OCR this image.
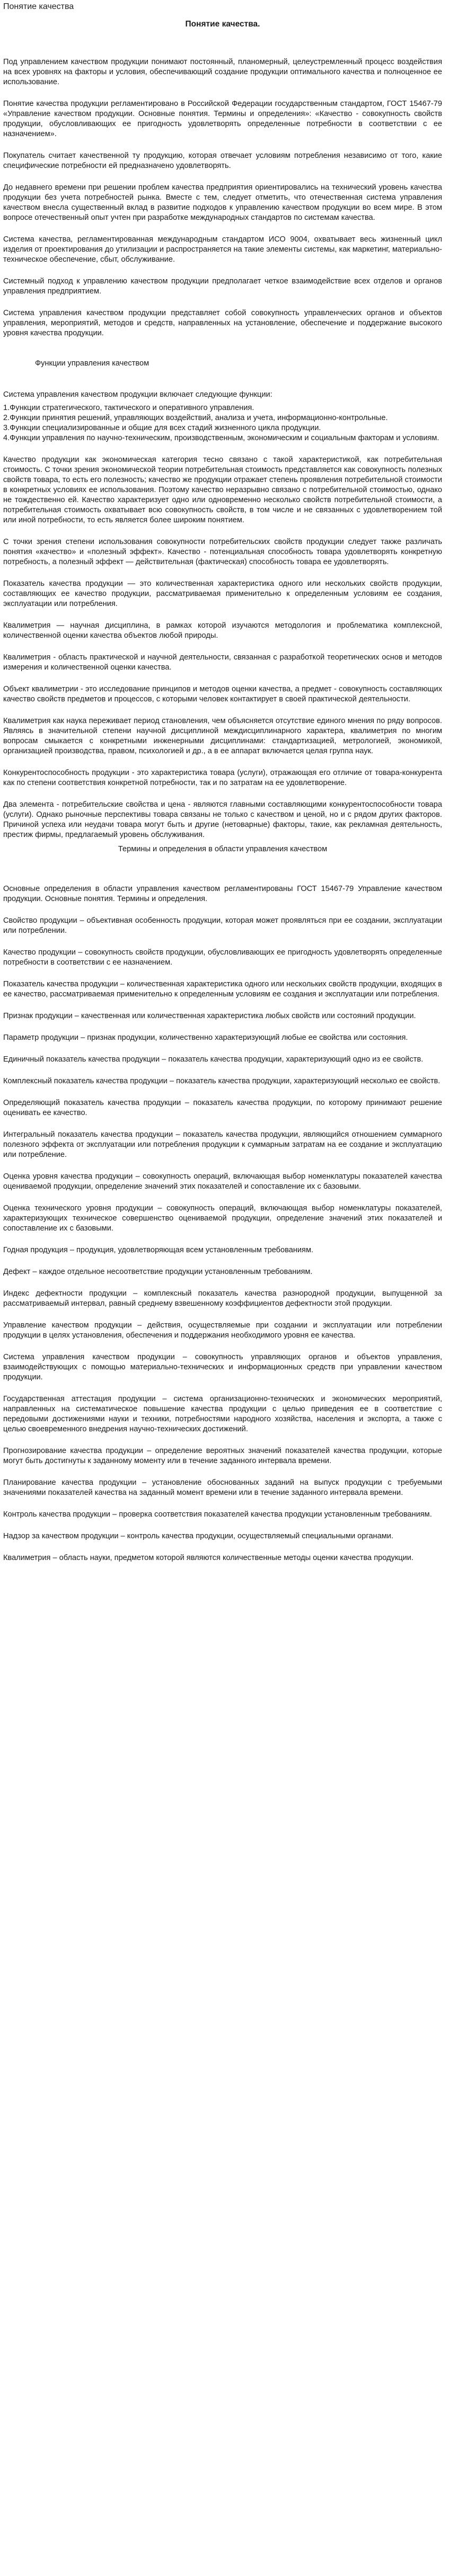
Понятие качества
Понятие качества.

Под управлением качеством продукции понимают постоянный, планомерный, целеустремленный процесс воздействия на всех уровнях на факторы и условия, обеспечивающий создание продукции оптимального качества и полноценное ее использование.

Понятие качества продукции регламентировано в Российской Федерации государственным стандартом, ГОСТ 15467-79 «Управление качеством продукции. Основные понятия. Термины и определения»: «Качество - совокупность свойств продукции, обусловливающих ее пригодность удовлетворять определенные потребности в соответствии с ее назначением».

Покупатель считает качественной ту продукцию, которая отвечает условиям потребления независимо от того, какие специфические потребности ей предназначено удовлетворять.

До недавнего времени при решении проблем качества предприятия ориентировались на технический уровень качества продукции без учета потребностей рынка. Вместе с тем, следует отметить, что отечественная система управления качеством внесла существенный вклад в развитие подходов к управлению качеством продукции во всем мире. В этом вопросе отечественный опыт учтен при разработке международных стандартов по системам качества.

Система качества, регламентированная международным стандартом ИСО 9004, охватывает весь жизненный цикл изделия от проектирования до утилизации и распространяется на такие элементы системы, как маркетинг, материально-техническое обеспечение, сбыт, обслуживание.

Системный подход к управлению качеством продукции предполагает четкое взаимодействие всех отделов и органов управления предприятием.

Система управления качеством продукции представляет собой совокупность управленческих органов и объектов управления, мероприятий, методов и средств, направленных на установление, обеспечение и поддержание высокого уровня качества продукции.

Функции управления качеством

Система управления качеством продукции включает следующие функции:

1.Функции стратегического, тактического и оперативного управления.
2.Функции принятия решений, управляющих воздействий, анализа и учета, информационно-контрольные.
3.Функции специализированные и общие для всех стадий жизненного цикла продукции.
4.Функции управления по научно-техническим, производственным, экономическим и социальным факторам и условиям.

Качество продукции как экономическая категория тесно связано с такой характеристикой, как потребительная стоимость. С точки зрения экономической теории потребительная стоимость представляется как совокупность полезных свойств товара, то есть его полезность; качество же продукции отражает степень проявления потребительной стоимости в конкретных условиях ее использования. Поэтому качество неразрывно связано с потребительной стоимостью, однако не тождественно ей. Качество характеризует одно или одновременно несколько свойств потребительной стоимости, а потребительная стоимость охватывает всю совокупность свойств, в том числе и не связанных с удовлетворением той или иной потребности, то есть является более широким понятием.

С точки зрения степени использования совокупности потребительских свойств продукции следует также различать понятия «качество» и «полезный эффект». Качество - потенциальная способность товара удовлетворять конкретную потребность, а полезный эффект — действительная (фактическая) способность товара ее удовлетворять.

Показатель качества продукции — это количественная характеристика одного или нескольких свойств продукции, составляющих ее качество продукции, рассматриваемая применительно к определенным условиям ее создания, эксплуатации или потребления.

Квалиметрия — научная дисциплина, в рамках которой изучаются методология и проблематика комплексной, количественной оценки качества объектов любой природы.

Квалиметрия - область практической и научной деятельности, связанная с разработкой теоретических основ и методов измерения и количественной оценки качества.

Объект квалиметрии - это исследование принципов и методов оценки качества, а предмет - совокупность составляющих качество свойств предметов и процессов, с которыми человек контактирует в своей практической деятельности.

Квалиметрия как наука переживает период становления, чем объясняется отсутствие единого мнения по ряду вопросов. Являясь в значительной степени научной дисциплиной междисциплинарного характера, квалиметрия по многим вопросам смыкается с конкретными инженерными дисциплинами: стандартизацией, метрологией, экономикой, организацией производства, правом, психологией и др., а в ее аппарат включается целая группа наук.

Конкурентоспособность продукции - это характеристика товара (услуги), отражающая его отличие от товара-конкурента как по степени соответствия конкретной потребности, так и по затратам на ее удовлетворение.

Два элемента - потребительские свойства и цена - являются главными составляющими конкурентоспособности товара (услуги). Однако рыночные перспективы товара связаны не только с качеством и ценой, но и с рядом других факторов. Причиной успеха или неудачи товара могут быть и другие (нетоварные) факторы, такие, как рекламная деятельность, престиж фирмы, предлагаемый уровень обслуживания.

Термины и определения в области управления качеством

Основные определения в области управления качеством регламентированы ГОСТ 15467-79 Управление качеством продукции. Основные понятия. Термины и определения.

Свойство продукции – объективная особенность продукции, которая может проявляться при ее создании, эксплуатации или потреблении.

Качество продукции – совокупность свойств продукции, обусловливающих ее пригодность удовлетворять определенные потребности в соответствии с ее назначением.

Показатель качества продукции – количественная характеристика одного или нескольких свойств продукции, входящих в ее качество, рассматриваемая применительно к определенным условиям ее создания и эксплуатации или потребления.

Признак продукции – качественная или количественная характеристика любых свойств или состояний продукции.

Параметр продукции – признак продукции, количественно характеризующий любые ее свойства или состояния.

Единичный показатель качества продукции – показатель качества продукции, характеризующий одно из ее свойств.

Комплексный показатель качества продукции – показатель качества продукции, характеризующий несколько ее свойств.

Определяющий показатель качества продукции – показатель качества продукции, по которому принимают решение оценивать ее качество.

Интегральный показатель качества продукции – показатель качества продукции, являющийся отношением суммарного полезного эффекта от эксплуатации или потребления продукции к суммарным затратам на ее создание и эксплуатацию или потребление.

Оценка уровня качества продукции – совокупность операций, включающая выбор номенклатуры показателей качества оцениваемой продукции, определение значений этих показателей и сопоставление их с базовыми.

Оценка технического уровня продукции – совокупность операций, включающая выбор номенклатуры показателей, характеризующих техническое совершенство оцениваемой продукции, определение значений этих показателей и сопоставление их с базовыми.

Годная продукция – продукция, удовлетворяющая всем установленным требованиям.

Дефект – каждое отдельное несоответствие продукции установленным требованиям.

Индекс дефектности продукции – комплексный показатель качества разнородной продукции, выпущенной за рассматриваемый интервал, равный среднему взвешенному коэффициентов дефектности этой продукции.

Управление качеством продукции – действия, осуществляемые при создании и эксплуатации или потреблении продукции в целях установления, обеспечения и поддержания необходимого уровня ее качества.

Система управления качеством продукции – совокупность управляющих органов и объектов управления, взаимодействующих с помощью материально-технических и информационных средств при управлении качеством продукции.

Государственная аттестация продукции – система организационно-технических и экономических мероприятий, направленных на систематическое повышение качества продукции с целью приведения ее в соответствие с передовыми достижениями науки и техники, потребностями народного хозяйства, населения и экспорта, а также с целью своевременного внедрения научно-технических достижений.

Прогнозирование качества продукции – определение вероятных значений показателей качества продукции, которые могут быть достигнуты к заданному моменту или в течение заданного интервала времени.

Планирование качества продукции – установление обоснованных заданий на выпуск продукции с требуемыми значениями показателей качества на заданный момент времени или в течение заданного интервала времени.

Контроль качества продукции – проверка соответствия показателей качества продукции установленным требованиям.

Надзор за качеством продукции – контроль качества продукции, осуществляемый специальными органами.

Квалиметрия – область науки, предметом которой являются количественные методы оценки качества продукции.
